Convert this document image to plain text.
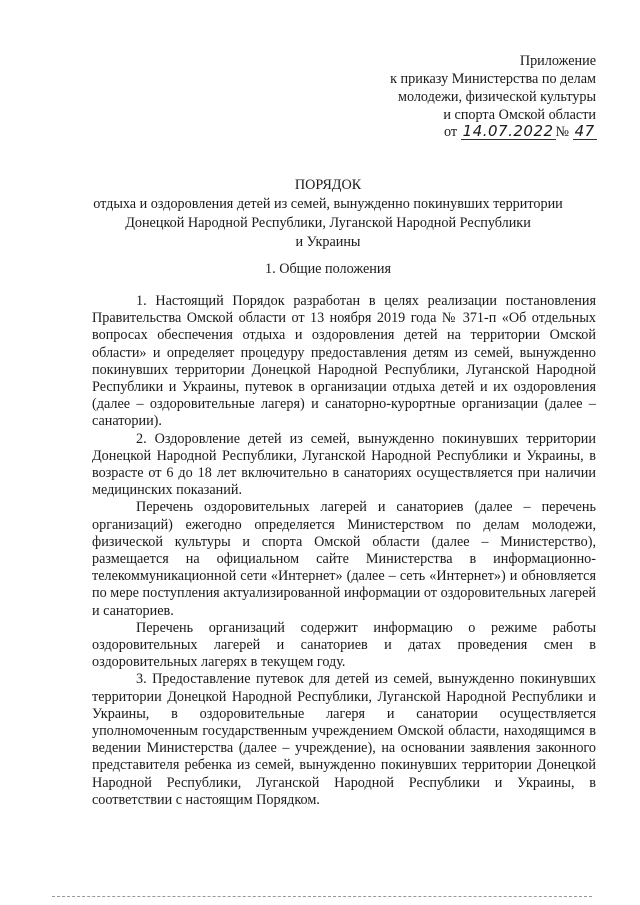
Приложение
к приказу Министерства по делам
молодежи, физической культуры
и спорта Омской области
от 14.07.2022 № 47
ПОРЯДОК
отдыха и оздоровления детей из семей, вынужденно покинувших территории
Донецкой Народной Республики, Луганской Народной Республики
и Украины
1. Общие положения

1. Настоящий Порядок разработан в целях реализации постановления Правительства Омской области от 13 ноября 2019 года № 371-п «Об отдельных вопросах обеспечения отдыха и оздоровления детей на территории Омской области» и определяет процедуру предоставления детям из семей, вынужденно покинувших территории Донецкой Народной Республики, Луганской Народной Республики и Украины, путевок в организации отдыха детей и их оздоровления (далее – оздоровительные лагеря) и санаторно-курортные организации (далее – санатории).

2. Оздоровление детей из семей, вынужденно покинувших территории Донецкой Народной Республики, Луганской Народной Республики и Украины, в возрасте от 6 до 18 лет включительно в санаториях осуществляется при наличии медицинских показаний.

Перечень оздоровительных лагерей и санаториев (далее – перечень организаций) ежегодно определяется Министерством по делам молодежи, физической культуры и спорта Омской области (далее – Министерство), размещается на официальном сайте Министерства в информационно-телекоммуникационной сети «Интернет» (далее – сеть «Интернет») и обновляется по мере поступления актуализированной информации от оздоровительных лагерей и санаториев.

Перечень организаций содержит информацию о режиме работы оздоровительных лагерей и санаториев и датах проведения смен в оздоровительных лагерях в текущем году.

3. Предоставление путевок для детей из семей, вынужденно покинувших территории Донецкой Народной Республики, Луганской Народной Республики и Украины, в оздоровительные лагеря и санатории осуществляется уполномоченным государственным учреждением Омской области, находящимся в ведении Министерства (далее – учреждение), на основании заявления законного представителя ребенка из семей, вынужденно покинувших территории Донецкой Народной Республики, Луганской Народной Республики и Украины, в соответствии с настоящим Порядком.
